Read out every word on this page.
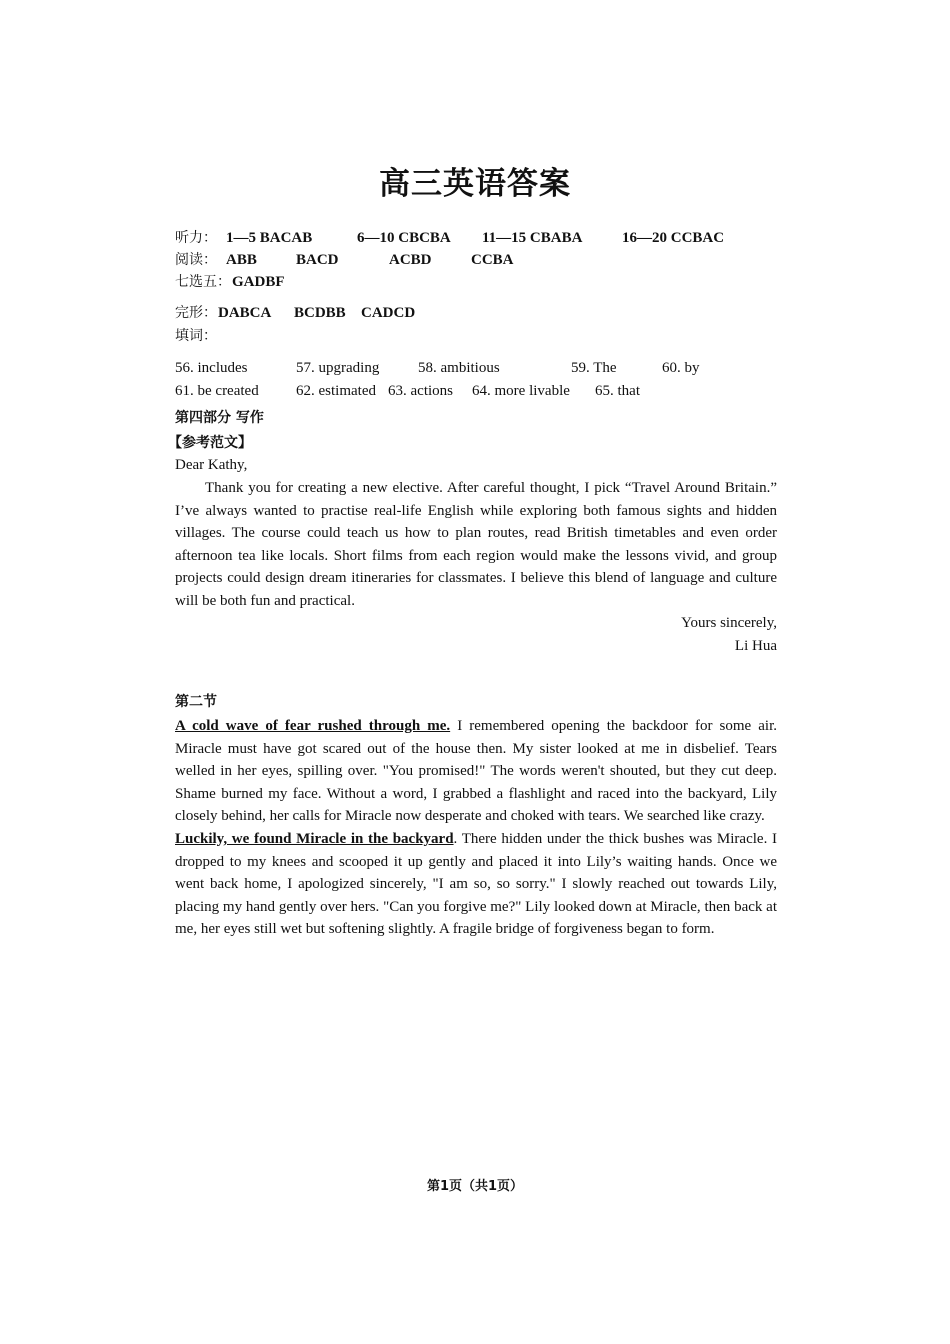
高三英语答案
听力： 1—5 BACAB	6—10 CBCBA 11—15 CBABA	16—20 CCBAC
阅读： ABB	BACD	ACBD	CCBA
七选五： GADBF
完形： DABCA BCDBB CADCD
填词：
56. includes	57. upgrading	58. ambitious	59. The	60. by
61. be created 62. estimated 63. actions 64. more livable 65. that
第四部分 写作
【参考范文】
Dear Kathy,

Thank you for creating a new elective. After careful thought, I pick “Travel Around Britain.” I’ve always wanted to practise real-life English while exploring both famous sights and hidden villages. The course could teach us how to plan routes, read British timetables and even order afternoon tea like locals. Short films from each region would make the lessons vivid, and group projects could design dream itineraries for classmates. I believe this blend of language and culture will be both fun and practical.

Yours sincerely,
Li Hua
第二节

A cold wave of fear rushed through me. I remembered opening the backdoor for some air. Miracle must have got scared out of the house then. My sister looked at me in disbelief. Tears welled in her eyes, spilling over. "You promised!" The words weren't shouted, but they cut deep. Shame burned my face. Without a word, I grabbed a flashlight and raced into the backyard, Lily closely behind, her calls for Miracle now desperate and choked with tears. We searched like crazy.

Luckily, we found Miracle in the backyard. There hidden under the thick bushes was Miracle. I dropped to my knees and scooped it up gently and placed it into Lily’s waiting hands. Once we went back home, I apologized sincerely, "I am so, so sorry." I slowly reached out towards Lily, placing my hand gently over hers. "Can you forgive me?" Lily looked down at Miracle, then back at me, her eyes still wet but softening slightly. A fragile bridge of forgiveness began to form.

第1页（共1页）
